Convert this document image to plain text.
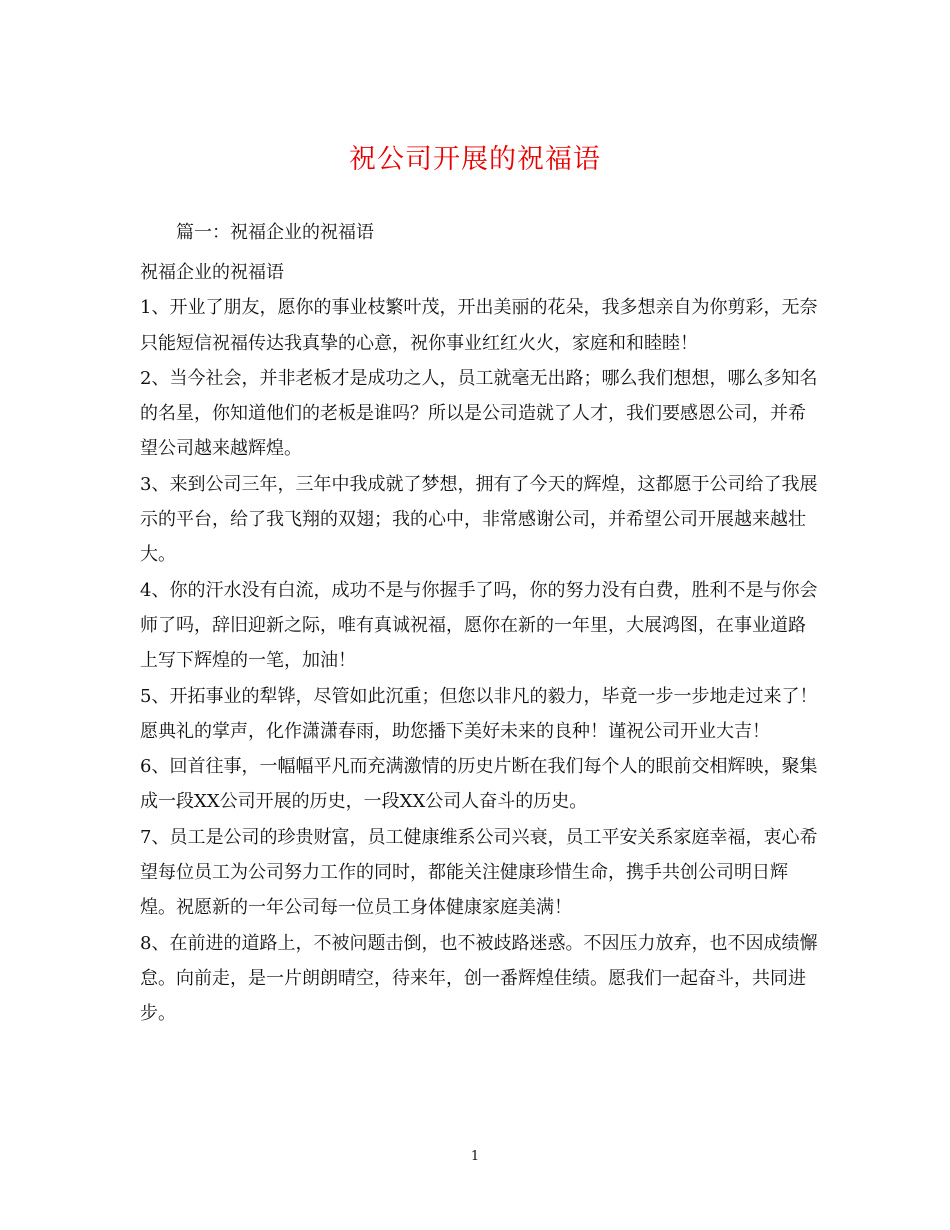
祝公司开展的祝福语
篇一：祝福企业的祝福语

祝福企业的祝福语

1、开业了朋友，愿你的事业枝繁叶茂，开出美丽的花朵，我多想亲自为你剪彩，无奈只能短信祝福传达我真挚的心意，祝你事业红红火火，家庭和和睦睦！

2、当今社会，并非老板才是成功之人，员工就毫无出路；哪么我们想想，哪么多知名的名星，你知道他们的老板是谁吗？所以是公司造就了人才，我们要感恩公司，并希望公司越来越辉煌。

3、来到公司三年，三年中我成就了梦想，拥有了今天的辉煌，这都愿于公司给了我展示的平台，给了我飞翔的双翅；我的心中，非常感谢公司，并希望公司开展越来越壮大。

4、你的汗水没有白流，成功不是与你握手了吗，你的努力没有白费，胜利不是与你会师了吗，辞旧迎新之际，唯有真诚祝福，愿你在新的一年里，大展鸿图，在事业道路上写下辉煌的一笔，加油！

5、开拓事业的犁铧，尽管如此沉重；但您以非凡的毅力，毕竟一步一步地走过来了！愿典礼的掌声，化作潇潇春雨，助您播下美好未来的良种！谨祝公司开业大吉！

6、回首往事，一幅幅平凡而充满激情的历史片断在我们每个人的眼前交相辉映，聚集成一段XX公司开展的历史，一段XX公司人奋斗的历史。

7、员工是公司的珍贵财富，员工健康维系公司兴衰，员工平安关系家庭幸福，衷心希望每位员工为公司努力工作的同时，都能关注健康珍惜生命，携手共创公司明日辉煌。祝愿新的一年公司每一位员工身体健康家庭美满！

8、在前进的道路上，不被问题击倒，也不被歧路迷惑。不因压力放弃，也不因成绩懈怠。向前走，是一片朗朗晴空，待来年，创一番辉煌佳绩。愿我们一起奋斗，共同进步。

1
